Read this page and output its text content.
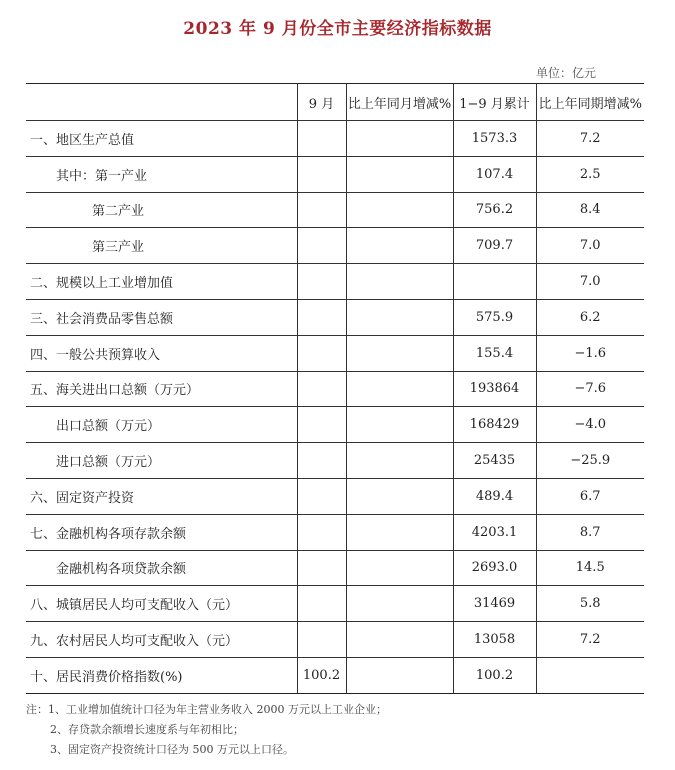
2023 年 9 月份全市主要经济指标数据
单位：亿元
	9 月	比上年同月增减%	1−9 月累计	比上年同期增减%
一、地区生产总值			1573.3	7.2
其中：第一产业			107.4	2.5
第二产业			756.2	8.4
第三产业			709.7	7.0
二、规模以上工业增加值				7.0
三、社会消费品零售总额			575.9	6.2
四、一般公共预算收入			155.4	−1.6
五、海关进出口总额（万元）			193864	−7.6
出口总额（万元）			168429	−4.0
进口总额（万元）			25435	−25.9
六、固定资产投资			489.4	6.7
七、金融机构各项存款余额			4203.1	8.7
金融机构各项贷款余额			2693.0	14.5
八、城镇居民人均可支配收入（元）			31469	5.8
九、农村居民人均可支配收入（元）			13058	7.2
十、居民消费价格指数(%)	100.2		100.2	
注：1、工业增加值统计口径为年主营业务收入 2000 万元以上工业企业；
2、存贷款余额增长速度系与年初相比；
3、固定资产投资统计口径为 500 万元以上口径。
